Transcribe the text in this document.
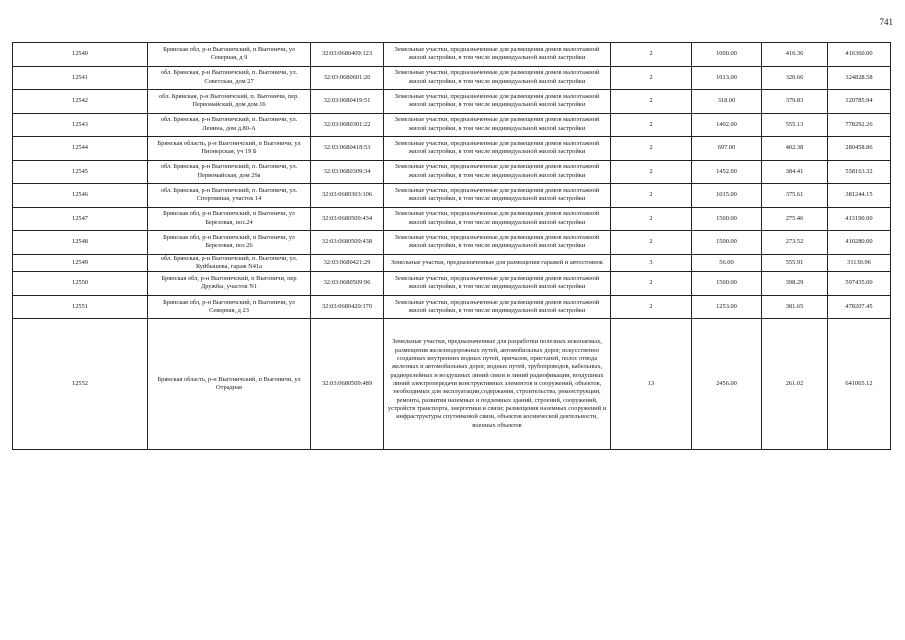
741
12540	Брянская обл, р-н Выгоничский, п Выгоничи, ул Северная, д 9	32:03:0680409:123	Земельные участки, предназначенные для размещения домов малоэтажной жилой застройки, в том числе индивидуальной жилой застройки	2	1000.00	416.36	416360.00
12541	обл. Брянская, р-н Выгоничский, п. Выгоничи, ул. Советская, дом 27	32:03:0680601:20	Земельные участки, предназначенные для размещения домов малоэтажной жилой застройки, в том числе индивидуальной жилой застройки	2	1013.00	320.66	324828.58
12542	обл. Брянская, р-н Выгоничский, п. Выгоничи, пер. Первомайский, дом дом.16	32:03:0680419:51	Земельные участки, предназначенные для размещения домов малоэтажной жилой застройки, в том числе индивидуальной жилой застройки	2	318.00	379.83	120785.94
12543	обл. Брянская, р-н Выгоничский, п. Выгоничи, ул. Ленина, дом д.80-А	32:03:0680301:22	Земельные участки, предназначенные для размещения домов малоэтажной жилой застройки, в том числе индивидуальной жилой застройки	2	1402.00	555.13	778292.26
12544	Брянская область, р-н Выгоничский, п Выгоничи, ул Пионерская, уч 19 Б	32:03:0680418:53	Земельные участки, предназначенные для размещения домов малоэтажной жилой застройки, в том числе индивидуальной жилой застройки	2	697.00	402.38	280458.86
12545	обл. Брянская, р-н Выгоничский, п. Выгоничи, ул. Первомайская, дом 29а	32:03:0680309:34	Земельные участки, предназначенные для размещения домов малоэтажной жилой застройки, в том числе индивидуальной жилой застройки	2	1452.00	384.41	558163.32
12546	обл. Брянская, р-н Выгоничский, п. Выгоничи, ул. Спортивная, участок 14	32:03:0680303:106	Земельные участки, предназначенные для размещения домов малоэтажной жилой застройки, в том числе индивидуальной жилой застройки	2	1015.00	375.61	381244.15
12547	Брянская обл, р-н Выгоничский, п Выгоничи, ул Березовая, поз.24	32:03:0680509:434	Земельные участки, предназначенные для размещения домов малоэтажной жилой застройки, в том числе индивидуальной жилой застройки	2	1500.00	275.46	413190.00
12548	Брянская обл, р-н Выгоничский, п Выгоничи, ул Березовая, поз 26	32:03:0680509:438	Земельные участки, предназначенные для размещения домов малоэтажной жилой застройки, в том числе индивидуальной жилой застройки	2	1500.00	273.52	410280.00
12549	обл. Брянская, р-н Выгоничский, п. Выгоничи, ул. Куйбышева, гараж N41а	32:03:0680421:29	Земельные участки, предназначенные для размещения гаражей и автостоянок	3	56.00	555.91	31130.96
12550	Брянская обл, р-н Выгоничский, п Выгоничи, пер Дружбы, участок N1	32:03:0680509:96	Земельные участки, предназначенные для размещения домов малоэтажной жилой застройки, в том числе индивидуальной жилой застройки	2	1500.00	398.29	597435.00
12551	Брянская обл, р-н Выгоничский, п Выгоничи, ул Северная, д 23	32:03:0680420:170	Земельные участки, предназначенные для размещения домов малоэтажной жилой застройки, в том числе индивидуальной жилой застройки	2	1253.00	381.65	478207.45
12552	Брянская область, р-н Выгоничский, п Выгоничи, ул Отрадная	32:03:0680509:489	Земельные участки, предназначенные для разработки полезных ископаемых, размещения железнодорожных путей, автомобильных дорог, искусственно созданных внутренних водных путей, причалов, пристаней, полос отвода железных и автомобильных дорог, водных путей, трубопроводов, кабельных, радиорелейных и воздушных линий связи и линий радиофикации, воздушных линий электропередачи конструктивных элементов и сооружений, объектов, необходимых для эксплуатации,содержания, строительства, реконструкции, ремонта, развития наземных и подземных зданий, строений, сооружений, устройств транспорта, энергетики и связи; размещения наземных сооружений и инфраструктуры спутниковой связи, объектов космической деятельности, военных объектов	13	2456.00	261.02	641065.12
